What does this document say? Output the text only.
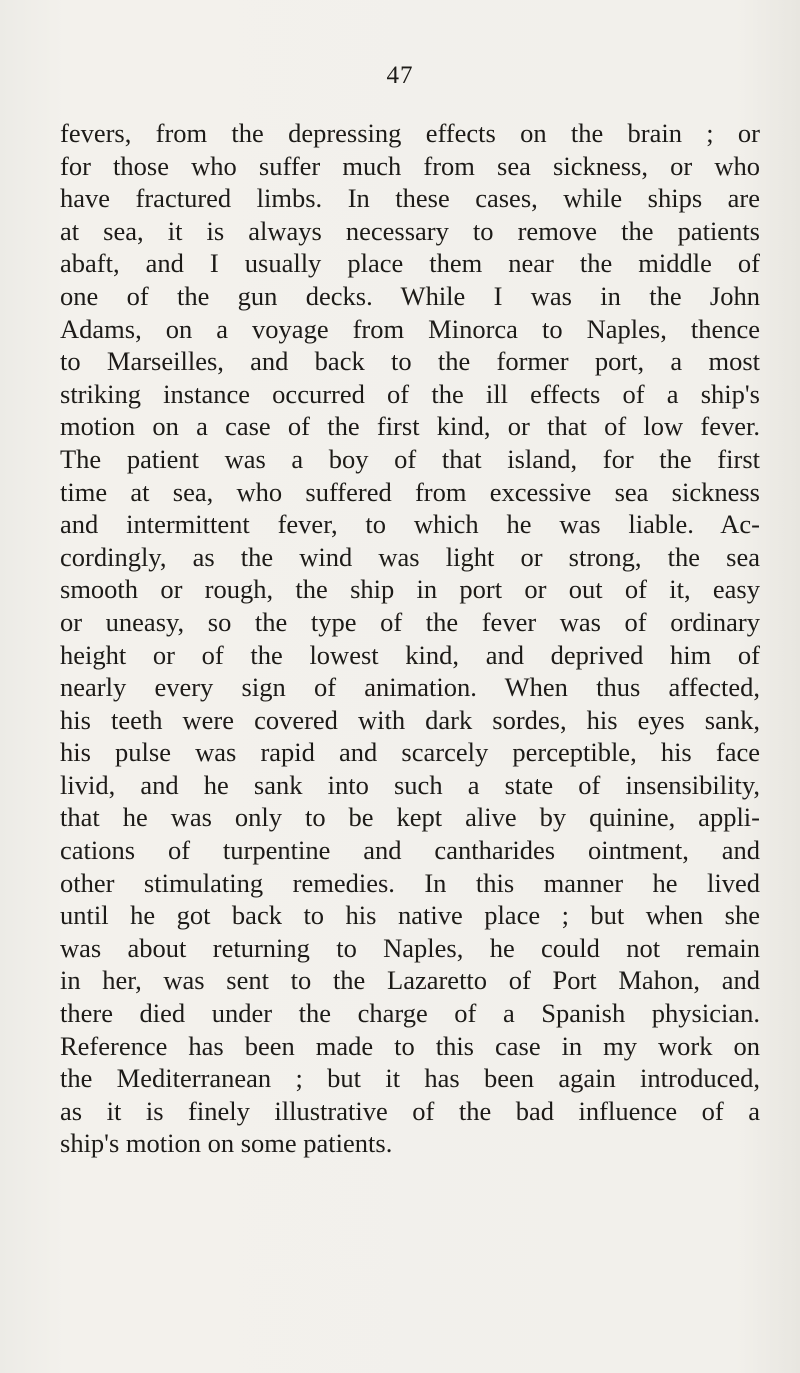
47
fevers, from the depressing effects on the brain ; or
for those who suffer much from sea sickness, or who
have fractured limbs. In these cases, while ships are
at sea, it is always necessary to remove the patients
abaft, and I usually place them near the middle of
one of the gun decks. While I was in the John
Adams, on a voyage from Minorca to Naples, thence
to Marseilles, and back to the former port, a most
striking instance occurred of the ill effects of a ship's
motion on a case of the first kind, or that of low fever.
The patient was a boy of that island, for the first
time at sea, who suffered from excessive sea sickness
and intermittent fever, to which he was liable. Ac-
cordingly, as the wind was light or strong, the sea
smooth or rough, the ship in port or out of it, easy
or uneasy, so the type of the fever was of ordinary
height or of the lowest kind, and deprived him of
nearly every sign of animation. When thus affected,
his teeth were covered with dark sordes, his eyes sank,
his pulse was rapid and scarcely perceptible, his face
livid, and he sank into such a state of insensibility,
that he was only to be kept alive by quinine, appli-
cations of turpentine and cantharides ointment, and
other stimulating remedies. In this manner he lived
until he got back to his native place ; but when she
was about returning to Naples, he could not remain
in her, was sent to the Lazaretto of Port Mahon, and
there died under the charge of a Spanish physician.
Reference has been made to this case in my work on
the Mediterranean ; but it has been again introduced,
as it is finely illustrative of the bad influence of a
ship's motion on some patients.
